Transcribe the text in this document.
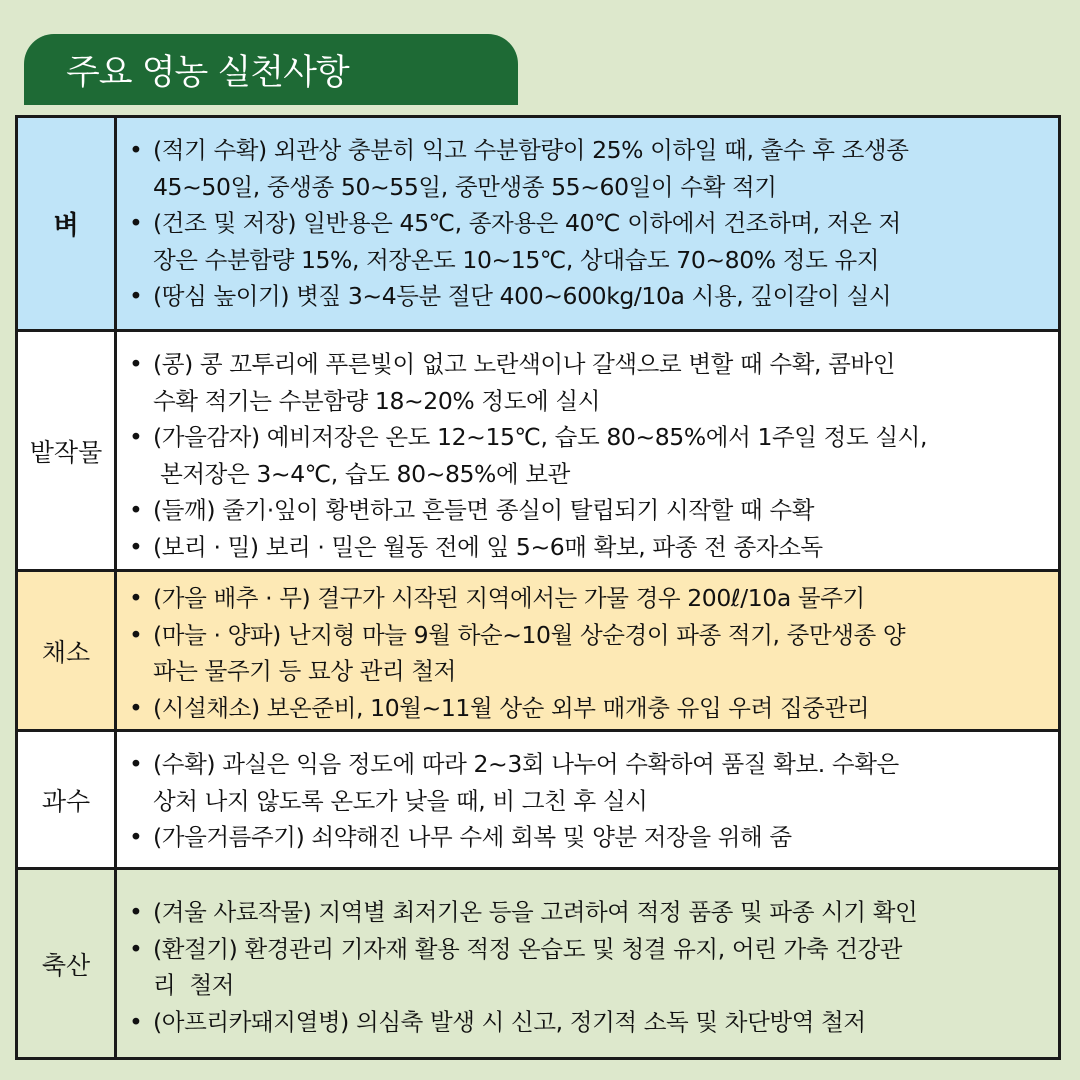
주요 영농 실천사항
벼
• (적기 수확) 외관상 충분히 익고 수분함량이 25% 이하일 때, 출수 후 조생종
45~50일, 중생종 50~55일, 중만생종 55~60일이 수확 적기
• (건조 및 저장) 일반용은 45℃, 종자용은 40℃ 이하에서 건조하며, 저온 저
장은 수분함량 15%, 저장온도 10~15℃, 상대습도 70~80% 정도 유지
• (땅심 높이기) 볏짚 3~4등분 절단 400~600kg/10a 시용, 깊이갈이 실시
밭작물
• (콩) 콩 꼬투리에 푸른빛이 없고 노란색이나 갈색으로 변할 때 수확, 콤바인
수확 적기는 수분함량 18~20% 정도에 실시
• (가을감자) 예비저장은 온도 12~15℃, 습도 80~85%에서 1주일 정도 실시,
본저장은 3~4℃, 습도 80~85%에 보관
• (들깨) 줄기·잎이 황변하고 흔들면 종실이 탈립되기 시작할 때 수확
• (보리 · 밀) 보리 · 밀은 월동 전에 잎 5~6매 확보, 파종 전 종자소독
채소
• (가을 배추 · 무) 결구가 시작된 지역에서는 가물 경우 200ℓ/10a 물주기
• (마늘 · 양파) 난지형 마늘 9월 하순~10월 상순경이 파종 적기, 중만생종 양
파는 물주기 등 묘상 관리 철저
• (시설채소) 보온준비, 10월~11월 상순 외부 매개충 유입 우려 집중관리
과수
• (수확) 과실은 익음 정도에 따라 2~3회 나누어 수확하여 품질 확보. 수확은
상처 나지 않도록 온도가 낮을 때, 비 그친 후 실시
• (가을거름주기) 쇠약해진 나무 수세 회복 및 양분 저장을 위해 줌
축산
• (겨울 사료작물) 지역별 최저기온 등을 고려하여 적정 품종 및 파종 시기 확인
• (환절기) 환경관리 기자재 활용 적정 온습도 및 청결 유지, 어린 가축 건강관
리  철저
• (아프리카돼지열병) 의심축 발생 시 신고, 정기적 소독 및 차단방역 철저
